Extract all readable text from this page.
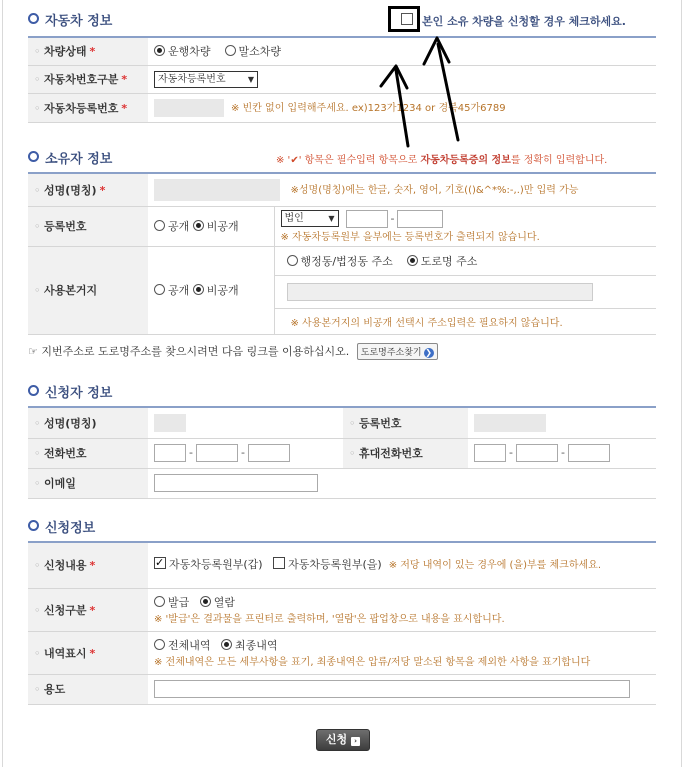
자동차 정보	본인 소유 차량을 신청할 경우 체크하세요.
◦ 차량상태 *	운행차량 말소차량
◦ 자동차번호구분 *	자동차등록번호 ▼

◦ 자동차등록번호 *	※ 빈칸 없이 입력해주세요. ex)123가1234 or 경북45가6789
소유자 정보	※ '✔' 항목은 필수입력 항목으로 자동차등록증의 정보를 정확히 입력합니다.
◦ 성명(명칭) *	※성명(명칭)에는 한글, 숫자, 영어, 기호(()&^*%:-,.)만 입력 가능	
◦ 등록번호	공개 비공개	법인 ▼ -
※ 자동차등록원부 을부에는 등록번호가 출력되지 않습니다.

◦ 사용본거지	공개 비공개	행정동/법정동 주소 도로명 주소
※ 사용본거지의 비공개 선택시 주소입력은 필요하지 않습니다.
☞ 지번주소로 도로명주소를 찾으시려면 다음 링크를 이용하십시오. 도로명주소찾기 ❯
신청자 정보
◦ 성명(명칭)		◦ 등록번호	
◦ 전화번호	- -	◦ 휴대전화번호	- -
◦ 이메일	
신청정보
◦ 신청내용 *	✓자동차등록원부(갑) 자동차등록원부(을) ※ 저당 내역이 있는 경우에 (을)부를 체크하세요.
◦ 신청구분 *	발급 열람
※ '발급'은 결과물을 프린터로 출력하며, '열람'은 팝업창으로 내용을 표시합니다.

◦ 내역표시 *	전체내역 최종내역
※ 전체내역은 모든 세부사항을 표기, 최종내역은 압류/저당 말소된 항목을 제외한 사항을 표기합니다

◦ 용도	
신청 ›
